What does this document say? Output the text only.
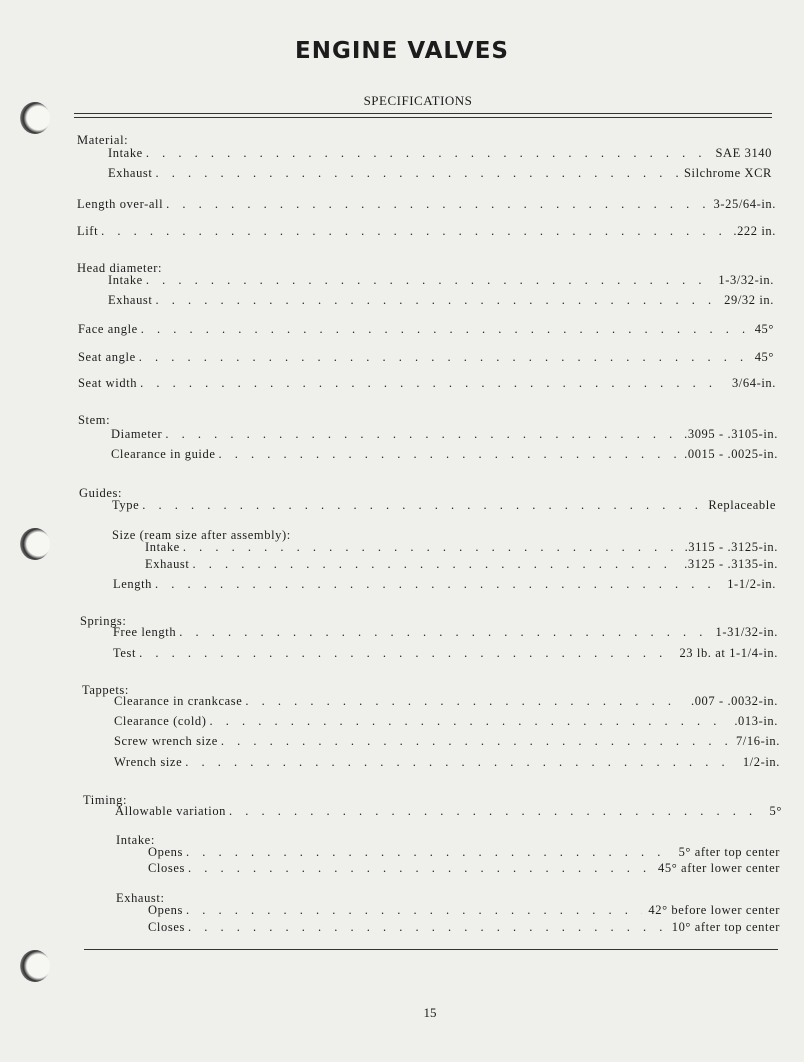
ENGINE VALVES
SPECIFICATIONS
Material:
Intake . . .	SAE 3140
Exhaust . . .	Silchrome XCR
Length over-all . . .	3-25/64-in.
Lift . . .	.222 in.
Head diameter:
Intake . . .	1-3/32-in.
Exhaust . . .	29/32 in.
Face angle . . .	45°
Seat angle . . .	45°
Seat width . . .	3/64-in.
Stem:
Diameter . . .	.3095 - .3105-in.
Clearance in guide . . .	.0015 - .0025-in.
Guides:
Type . . .	Replaceable
Size (ream size after assembly):
Intake . . .	.3115 - .3125-in.
Exhaust . . .	.3125 - .3135-in.
Length . . .	1-1/2-in.
Springs:
Free length . . .	1-31/32-in.
Test . . .	23 lb. at 1-1/4-in.
Tappets:
Clearance in crankcase . . .	.007 - .0032-in.
Clearance (cold) . . .	.013-in.
Screw wrench size . . .	7/16-in.
Wrench size . . .	1/2-in.
Timing:
Allowable variation . . .	5°
Intake:
Opens . . .	5° after top center
Closes . . .	45° after lower center
Exhaust:
Opens . . .	42° before lower center
Closes . . .	10° after top center
15
